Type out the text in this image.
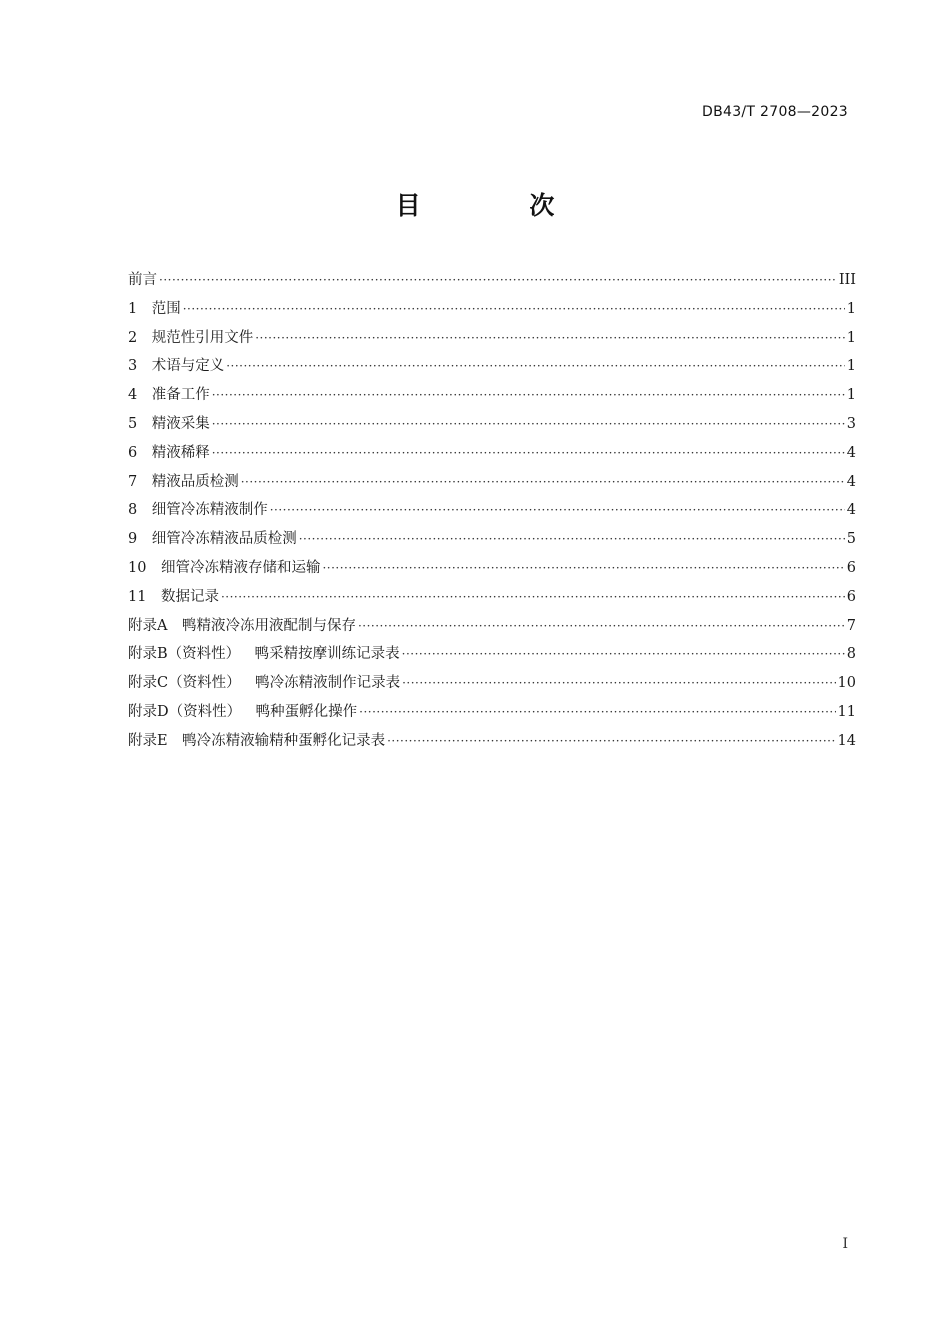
DB43/T 2708—2023
目 次
前言 ·····	III
1 范围 ·····	1
2 规范性引用文件 ·····	1
3 术语与定义 ·····	1
4 准备工作 ·····	1
5 精液采集 ·····	3
6 精液稀释 ·····	4
7 精液品质检测 ·····	4
8 细管冷冻精液制作 ·····	4
9 细管冷冻精液品质检测 ·····	5
10 细管冷冻精液存储和运输 ·····	6
11 数据记录 ·····	6
附录A 鸭精液冷冻用液配制与保存 ·····	7
附录B（资料性） 鸭采精按摩训练记录表 ·····	8
附录C（资料性） 鸭冷冻精液制作记录表 ·····	10
附录D（资料性） 鸭种蛋孵化操作 ·····	11
附录E 鸭冷冻精液输精种蛋孵化记录表 ·····	14
I
